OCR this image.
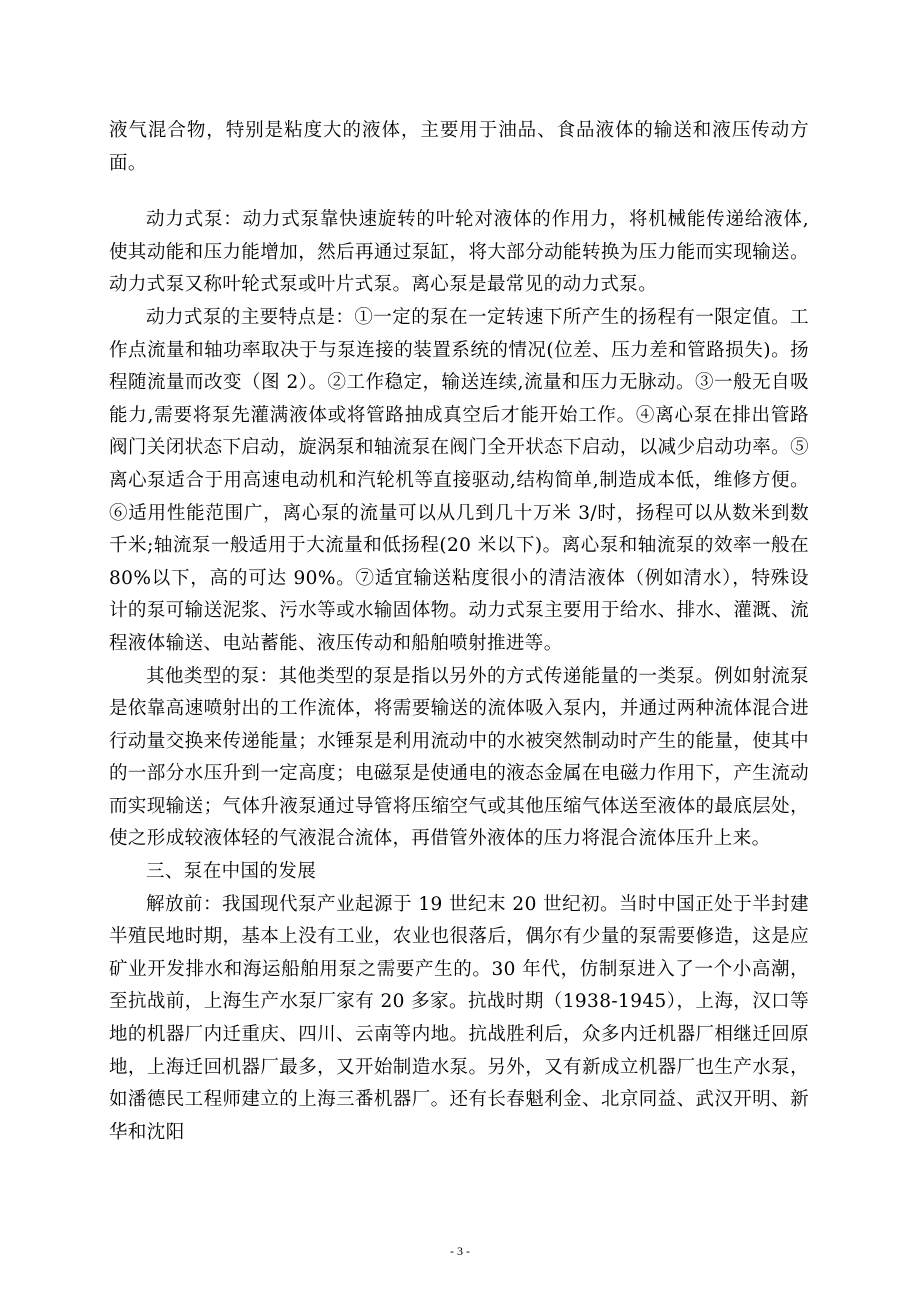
液气混合物，特别是粘度大的液体，主要用于油品、食品液体的输送和液压传动方面。

动力式泵：动力式泵靠快速旋转的叶轮对液体的作用力，将机械能传递给液体,使其动能和压力能增加，然后再通过泵缸，将大部分动能转换为压力能而实现输送。动力式泵又称叶轮式泵或叶片式泵。离心泵是最常见的动力式泵。

动力式泵的主要特点是：①一定的泵在一定转速下所产生的扬程有一限定值。工作点流量和轴功率取决于与泵连接的装置系统的情况(位差、压力差和管路损失)。扬程随流量而改变（图 2）。②工作稳定，输送连续,流量和压力无脉动。③一般无自吸能力,需要将泵先灌满液体或将管路抽成真空后才能开始工作。④离心泵在排出管路阀门关闭状态下启动，旋涡泵和轴流泵在阀门全开状态下启动，以减少启动功率。⑤离心泵适合于用高速电动机和汽轮机等直接驱动,结构简单,制造成本低，维修方便。⑥适用性能范围广，离心泵的流量可以从几到几十万米 3/时，扬程可以从数米到数千米;轴流泵一般适用于大流量和低扬程(20 米以下)。离心泵和轴流泵的效率一般在 80%以下，高的可达 90%。⑦适宜输送粘度很小的清洁液体（例如清水），特殊设计的泵可输送泥浆、污水等或水输固体物。动力式泵主要用于给水、排水、灌溉、流程液体输送、电站蓄能、液压传动和船舶喷射推进等。

其他类型的泵：其他类型的泵是指以另外的方式传递能量的一类泵。例如射流泵是依靠高速喷射出的工作流体，将需要输送的流体吸入泵内，并通过两种流体混合进行动量交换来传递能量；水锤泵是利用流动中的水被突然制动时产生的能量，使其中的一部分水压升到一定高度；电磁泵是使通电的液态金属在电磁力作用下，产生流动而实现输送；气体升液泵通过导管将压缩空气或其他压缩气体送至液体的最底层处，使之形成较液体轻的气液混合流体，再借管外液体的压力将混合流体压升上来。

三、泵在中国的发展

解放前：我国现代泵产业起源于 19 世纪末 20 世纪初。当时中国正处于半封建半殖民地时期，基本上没有工业，农业也很落后，偶尔有少量的泵需要修造，这是应矿业开发排水和海运船舶用泵之需要产生的。30 年代，仿制泵进入了一个小高潮，至抗战前，上海生产水泵厂家有 20 多家。抗战时期（1938-1945），上海，汉口等地的机器厂内迁重庆、四川、云南等内地。抗战胜利后，众多内迁机器厂相继迁回原地，上海迁回机器厂最多，又开始制造水泵。另外，又有新成立机器厂也生产水泵，如潘德民工程师建立的上海三番机器厂。还有长春魁利金、北京同益、武汉开明、新华和沈阳

- 3 -
